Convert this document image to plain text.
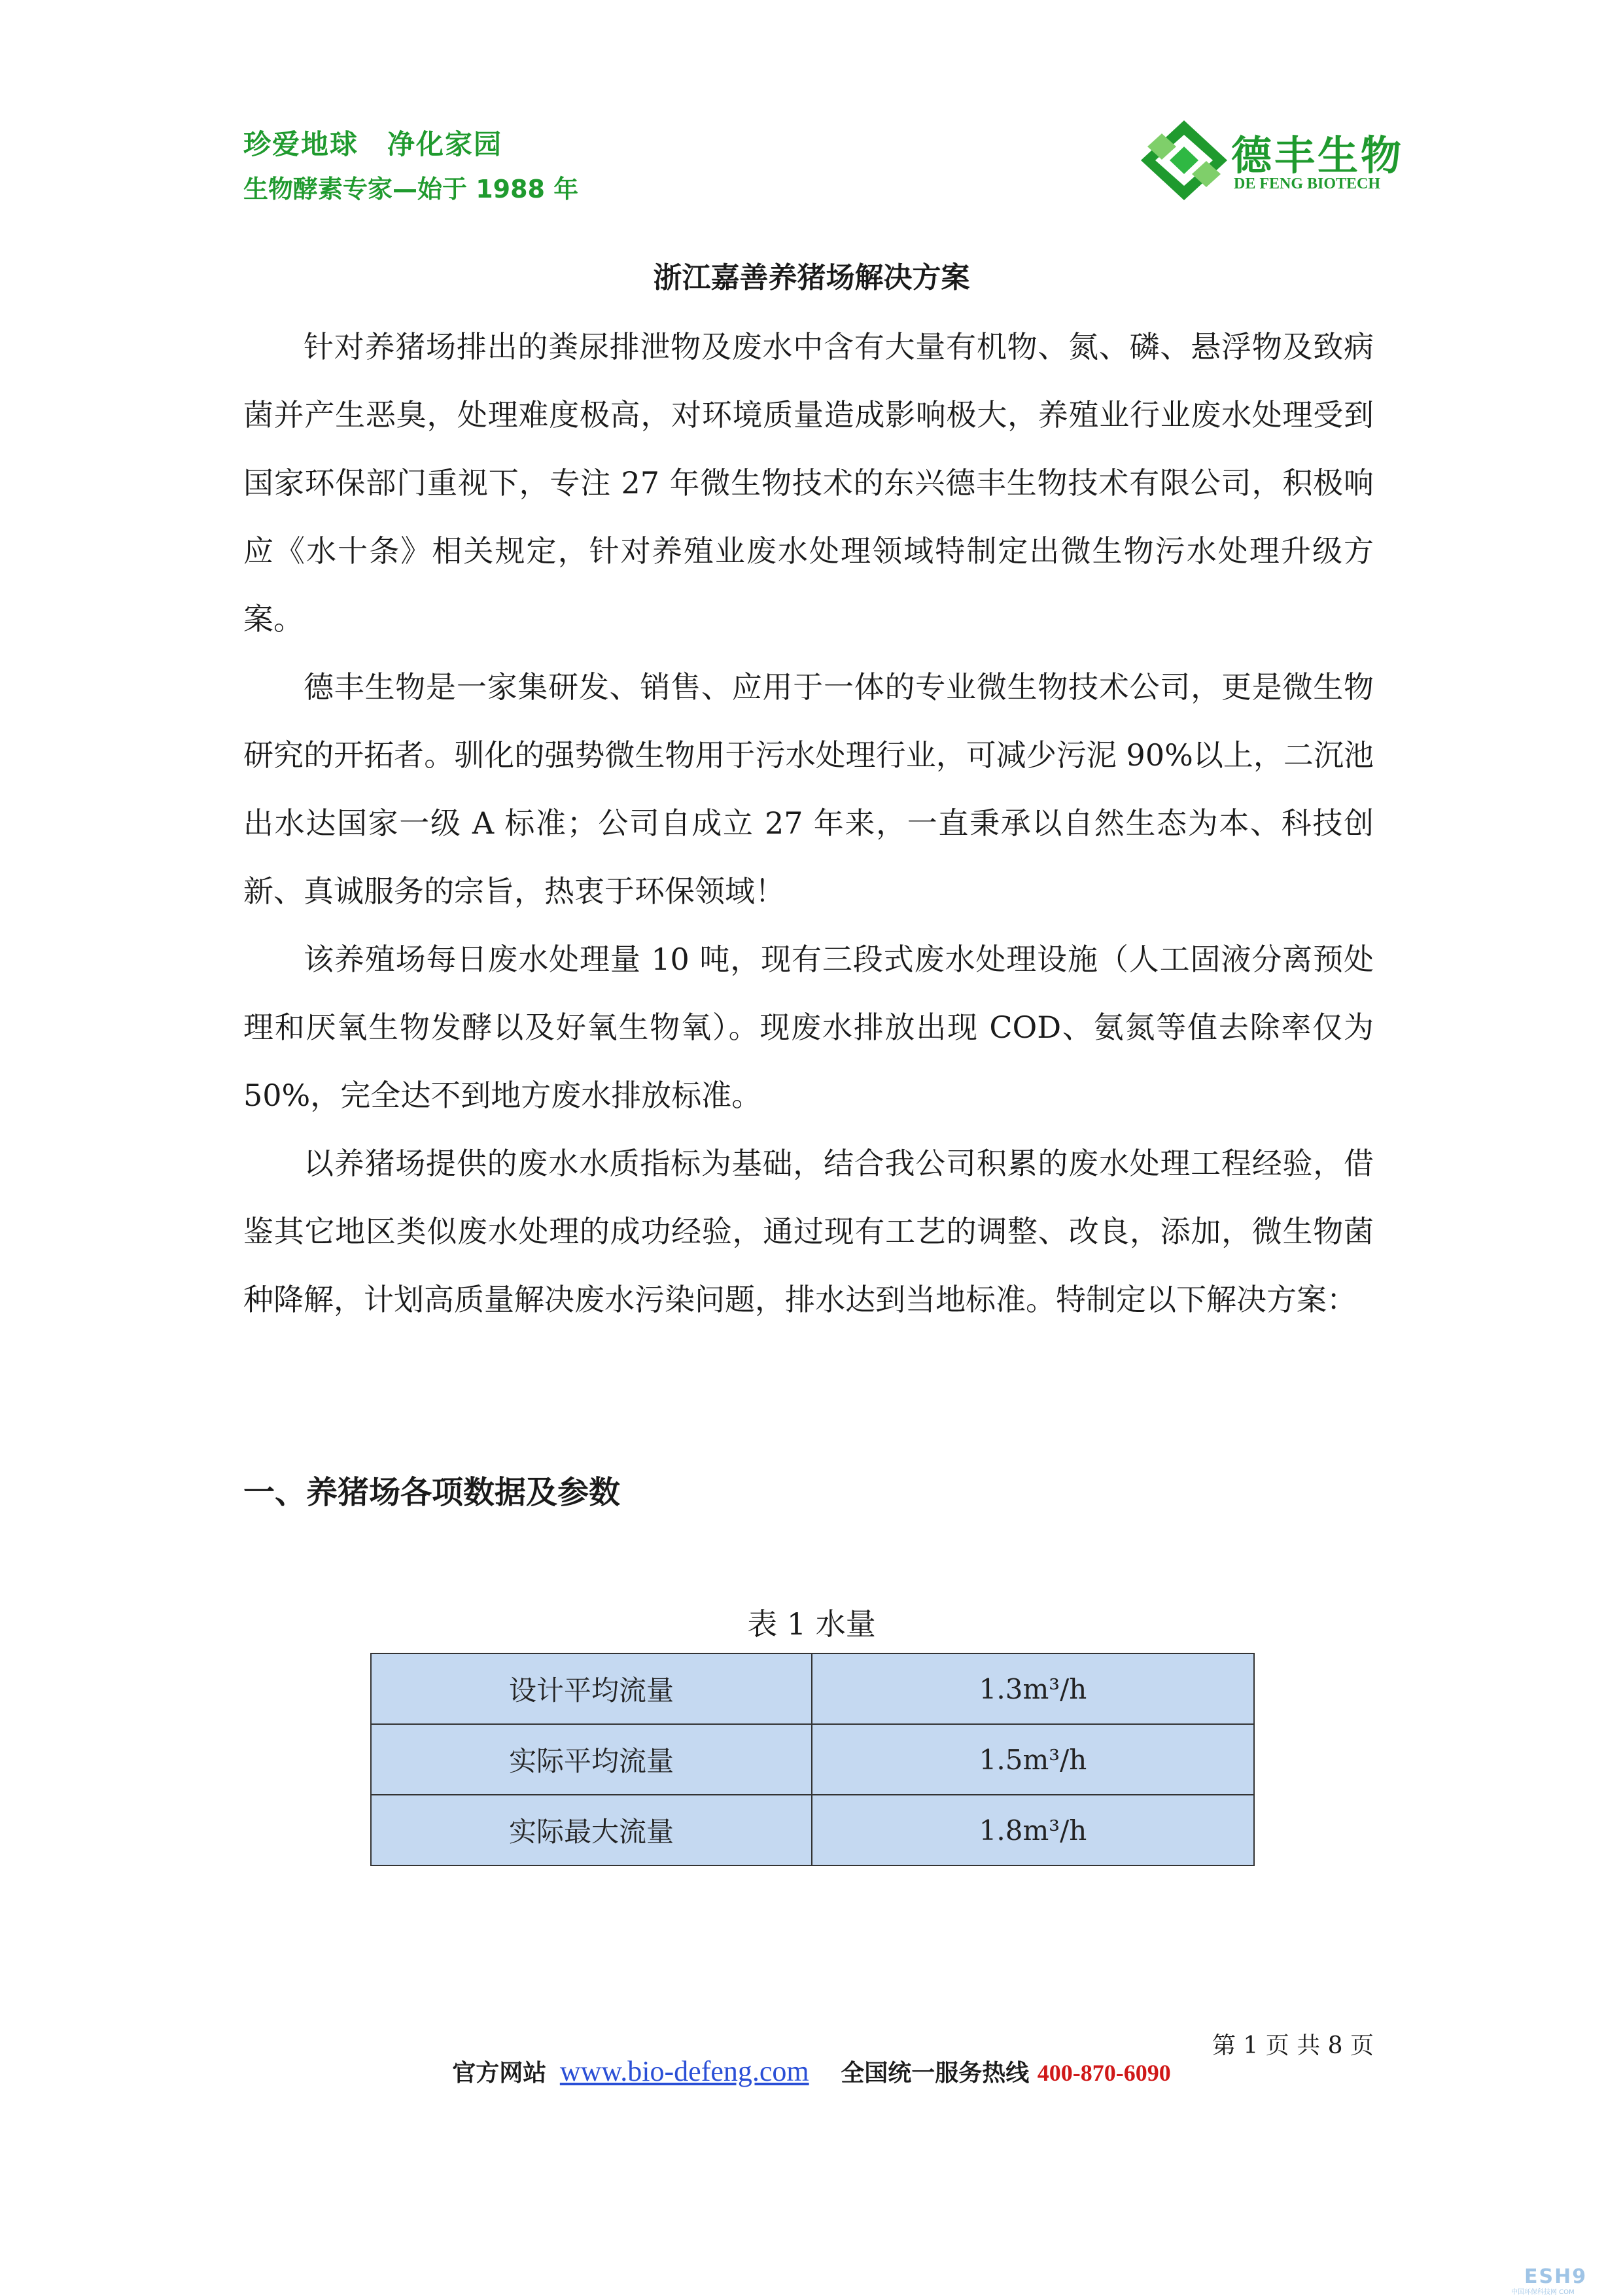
珍爱地球　净化家园
生物酵素专家—始于 1988 年
德丰生物
DE FENG BIOTECH
浙江嘉善养猪场解决方案

针对养猪场排出的粪尿排泄物及废水中含有大量有机物、氮、磷、悬浮物及致病菌并产生恶臭，处理难度极高，对环境质量造成影响极大，养殖业行业废水处理受到国家环保部门重视下，专注 27 年微生物技术的东兴德丰生物技术有限公司，积极响应《水十条》相关规定，针对养殖业废水处理领域特制定出微生物污水处理升级方案。

德丰生物是一家集研发、销售、应用于一体的专业微生物技术公司，更是微生物研究的开拓者。驯化的强势微生物用于污水处理行业，可减少污泥 90%以上，二沉池出水达国家一级 A 标准；公司自成立 27 年来，一直秉承以自然生态为本、科技创新、真诚服务的宗旨，热衷于环保领域！

该养殖场每日废水处理量 10 吨，现有三段式废水处理设施（人工固液分离预处理和厌氧生物发酵以及好氧生物氧）。现废水排放出现 COD、氨氮等值去除率仅为 50%，完全达不到地方废水排放标准。

以养猪场提供的废水水质指标为基础，结合我公司积累的废水处理工程经验，借鉴其它地区类似废水处理的成功经验，通过现有工艺的调整、改良，添加，微生物菌种降解，计划高质量解决废水污染问题，排水达到当地标准。特制定以下解决方案：

一、养猪场各项数据及参数
表 1 水量
设计平均流量	1.3m³/h
实际平均流量	1.5m³/h
实际最大流量	1.8m³/h
第 1 页 共 8 页
官方网站 www.bio-defeng.com 全国统一服务热线 400-870-6090
ESH9
中国环保科技网 COM
